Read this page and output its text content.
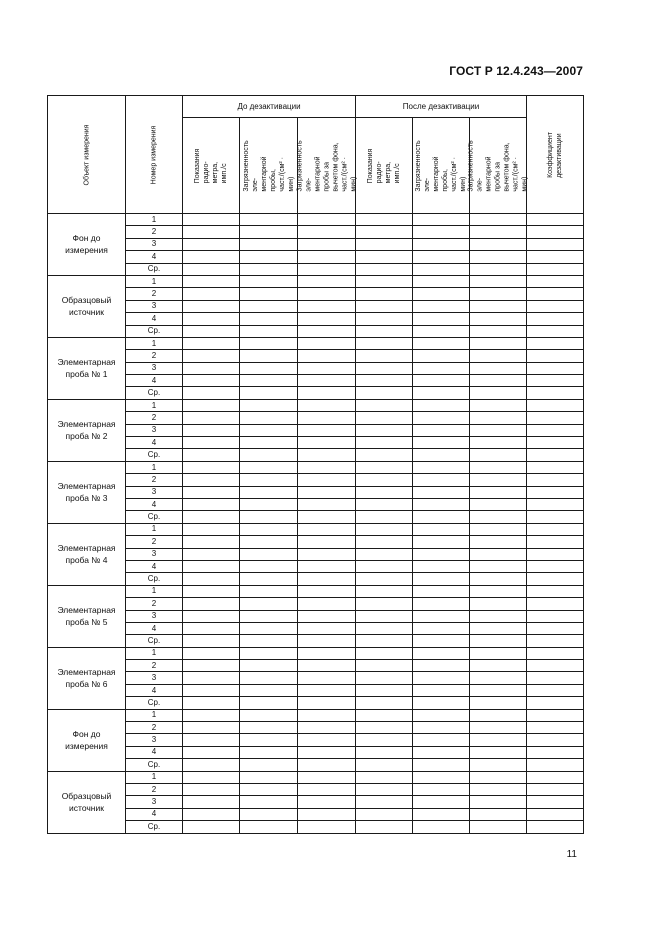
ГОСТ Р 12.4.243—2007
Объект измерения	Номер измерения	До дезактивации			После дезактивации			Коэффициент
дезактивации

		Показания радио-
метра, имп./с	Загрязненность эле-
ментарной пробы,
част./(см² · мин)	Загрязненность эле-
ментарной пробы за
вычетом фона,
част./(см² · мин)	Показания радио-
метра, имп./с	Загрязненность эле-
ментарной пробы,
част./(см² · мин)	Загрязненность эле-
ментарной пробы за
вычетом фона,
част./(см² · мин)	

Фон до
измерения	1							
	2							
	3							
	4							
	Ср.							
Образцовый
источник	1							
	2							
	3							
	4							
	Ср.							
Элементарная
проба № 1	1							
	2							
	3							
	4							
	Ср.							
Элементарная
проба № 2	1							
	2							
	3							
	4							
	Ср.							
Элементарная
проба № 3	1							
	2							
	3							
	4							
	Ср.							
Элементарная
проба № 4	1							
	2							
	3							
	4							
	Ср.							
Элементарная
проба № 5	1							
	2							
	3							
	4							
	Ср.							
Элементарная
проба № 6	1							
	2							
	3							
	4							
	Ср.							
Фон до
измерения	1							
	2							
	3							
	4							
	Ср.							
Образцовый
источник	1							
	2							
	3							
	4							
	Ср.							
11
